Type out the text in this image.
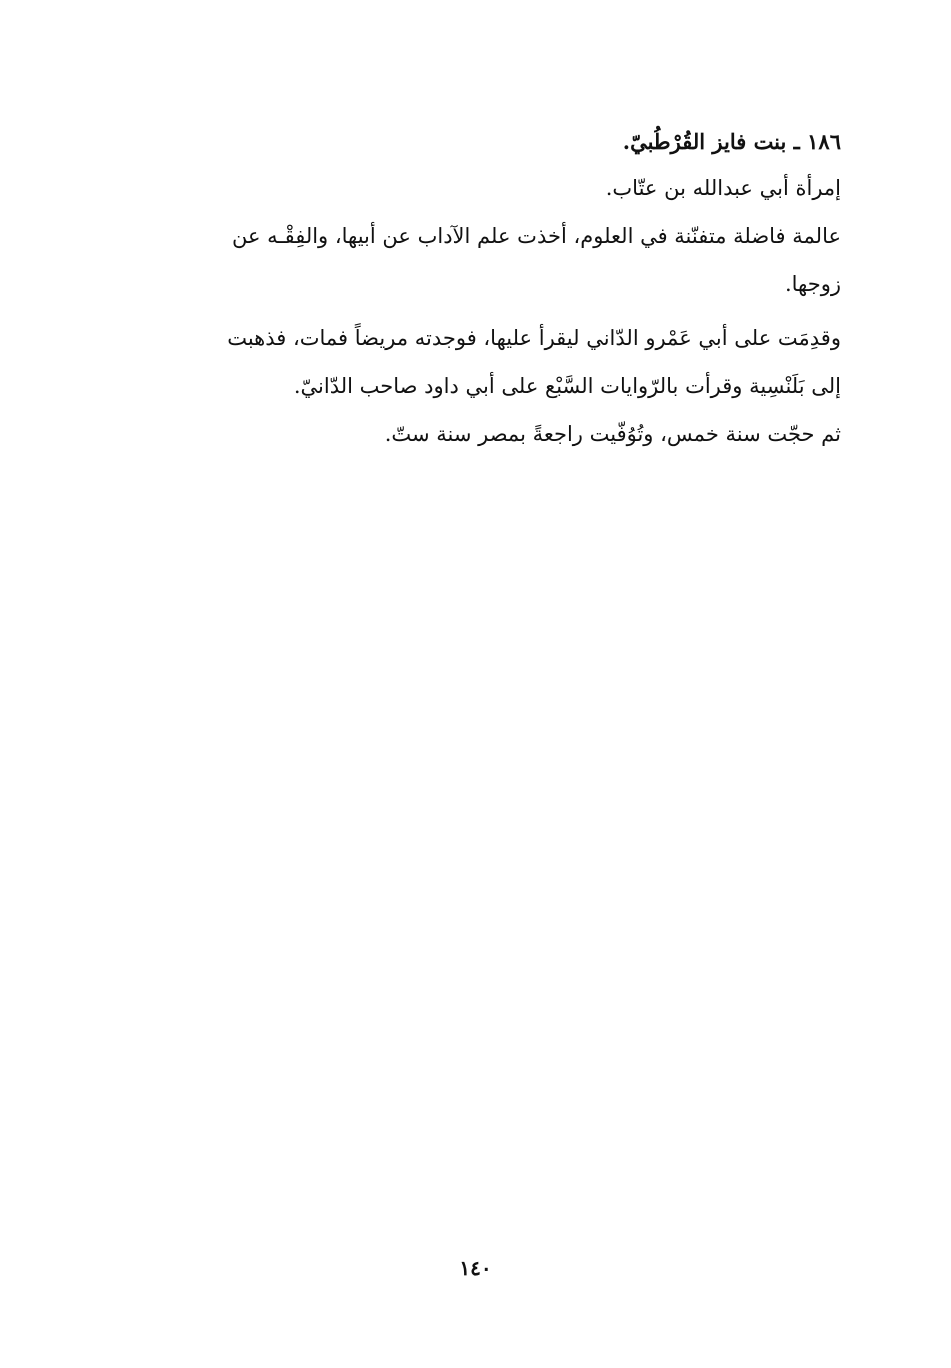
١٨٦ ـ بنت فايز القُرْطُبيّ.
إمرأة أبي عبدالله بن عتّاب.
عالمة فاضلة متفنّنة في العلوم، أخذت علم الآداب عن أبيها، والفِقْـه عن
زوجها.
وقدِمَت على أبي عَمْرو الدّاني ليقرأ عليها، فوجدته مريضاً فمات، فذهبت
إلى بَلَنْسِية وقرأت بالرّوايات السَّبْع على أبي داود صاحب الدّانيّ.
ثم حجّت سنة خمس، وتُوُفّيت راجعةً بمصر سنة ستّ.
١٤٠
